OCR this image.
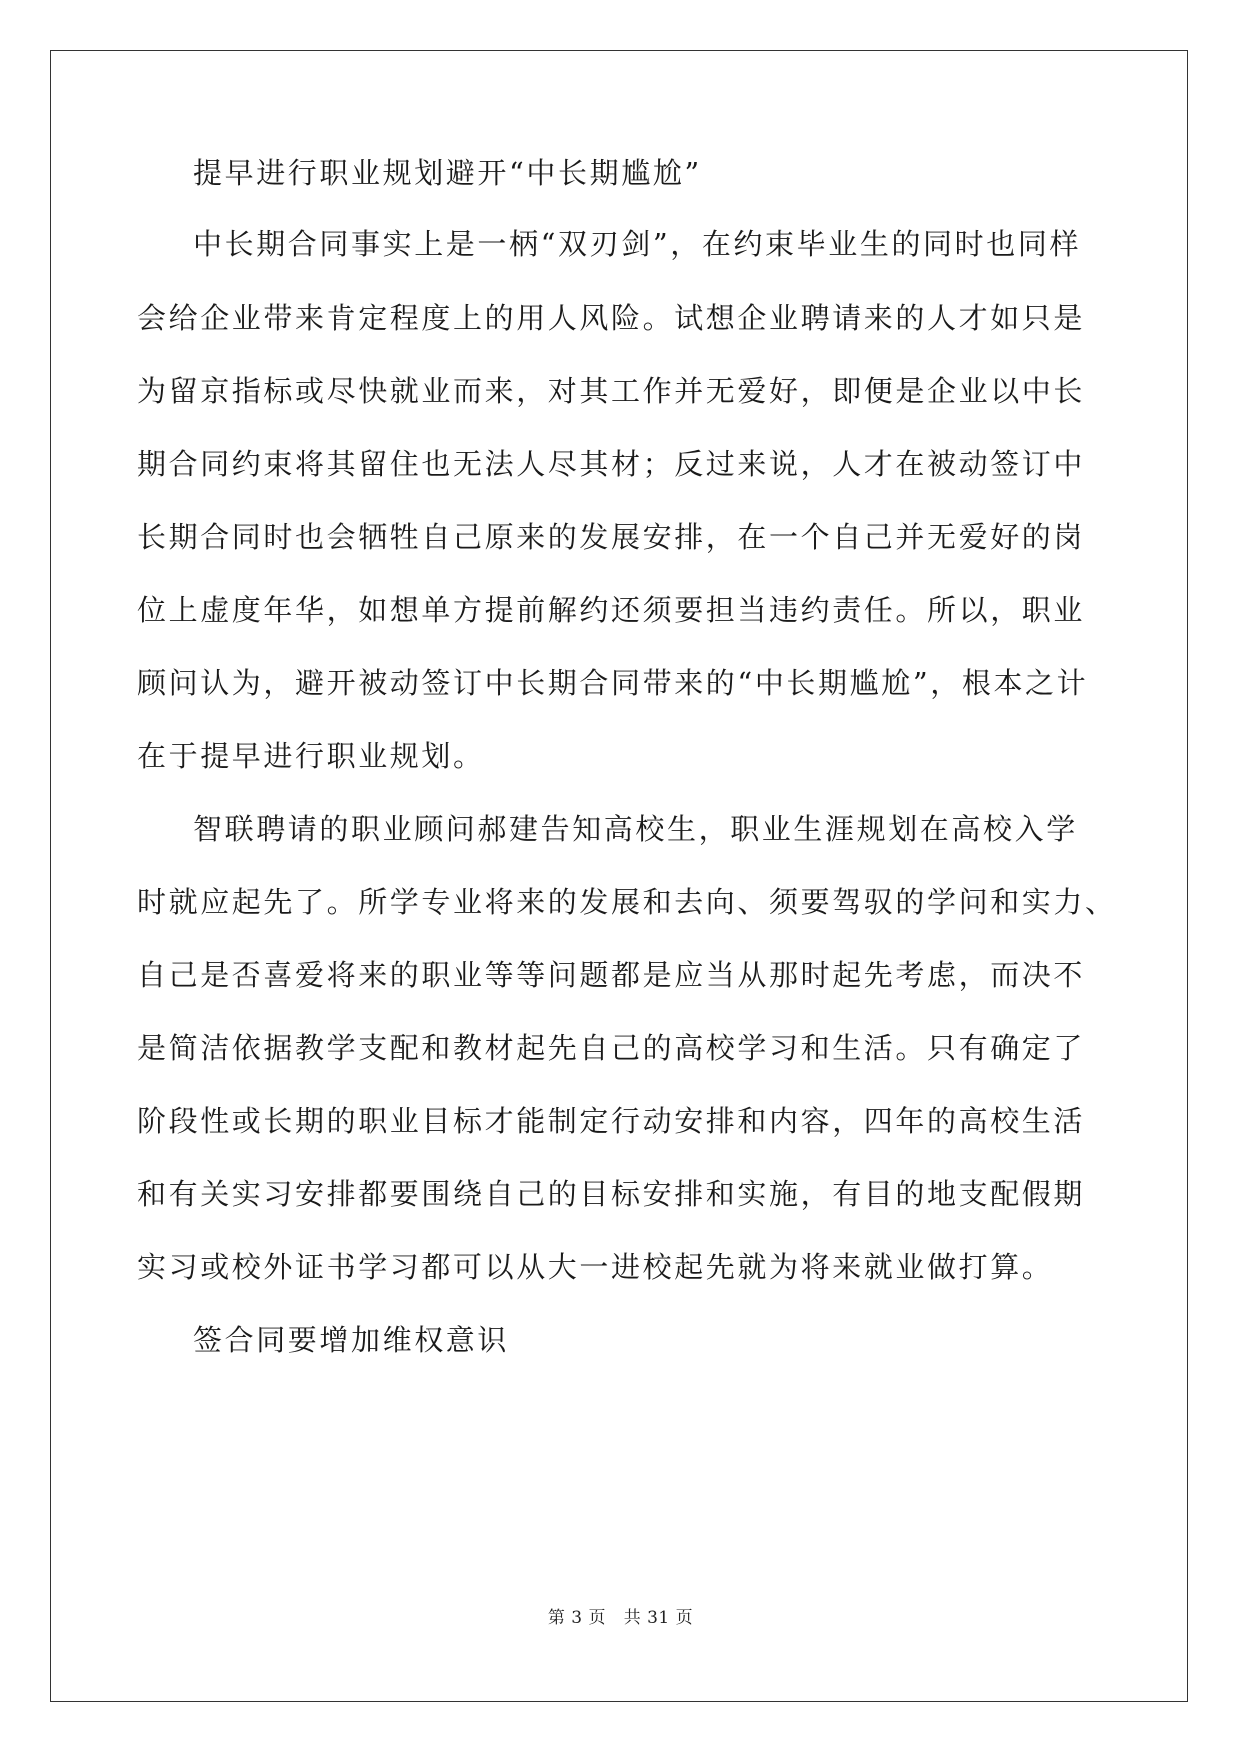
提早进行职业规划避开“中长期尴尬”
中长期合同事实上是一柄“双刃剑”，在约束毕业生的同时也同样
会给企业带来肯定程度上的用人风险。试想企业聘请来的人才如只是
为留京指标或尽快就业而来，对其工作并无爱好，即便是企业以中长
期合同约束将其留住也无法人尽其材；反过来说，人才在被动签订中
长期合同时也会牺牲自己原来的发展安排，在一个自己并无爱好的岗
位上虚度年华，如想单方提前解约还须要担当违约责任。所以，职业
顾问认为，避开被动签订中长期合同带来的“中长期尴尬”，根本之计
在于提早进行职业规划。
智联聘请的职业顾问郝建告知高校生，职业生涯规划在高校入学
时就应起先了。所学专业将来的发展和去向、须要驾驭的学问和实力、
自己是否喜爱将来的职业等等问题都是应当从那时起先考虑，而决不
是简洁依据教学支配和教材起先自己的高校学习和生活。只有确定了
阶段性或长期的职业目标才能制定行动安排和内容，四年的高校生活
和有关实习安排都要围绕自己的目标安排和实施，有目的地支配假期
实习或校外证书学习都可以从大一进校起先就为将来就业做打算。
签合同要增加维权意识
第 3 页   共 31 页
